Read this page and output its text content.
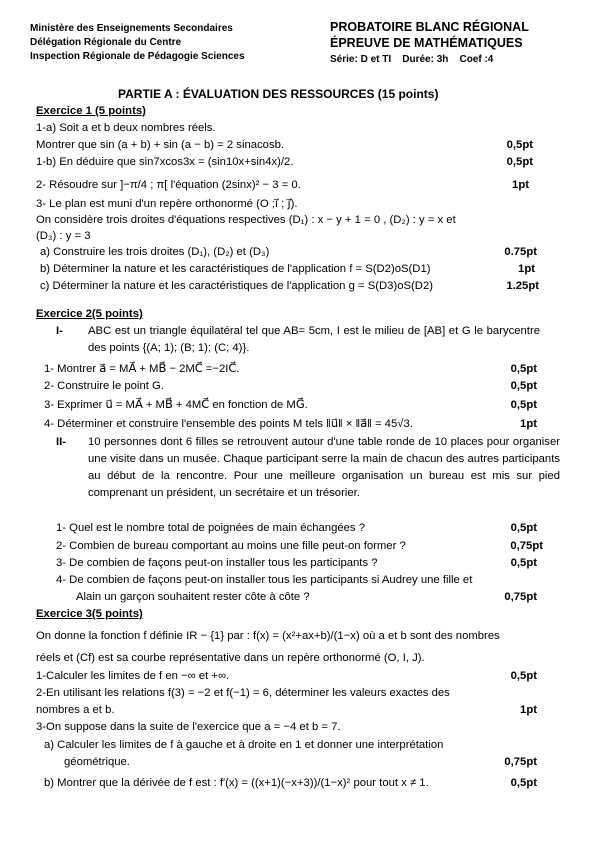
Ministère des Enseignements Secondaires
Délégation Régionale du Centre
Inspection Régionale de Pédagogie Sciences
PROBATOIRE BLANC RÉGIONAL
ÉPREUVE DE MATHÉMATIQUES
Série: D et TI    Durée: 3h    Coef :4
PARTIE A : ÉVALUATION DES RESSOURCES (15 points)
Exercice 1 (5 points)
1-a) Soit a et b deux nombres réels.
Montrer que sin (a + b) + sin (a − b) = 2 sinacosb.	0,5pt
1-b) En déduire que sin7xcos3x = (sin10x+sin4x)/2.	0,5pt
2- Résoudre sur ]−π/4 ; π[ l'équation (2sinx)² − 3 = 0.	1pt
3- Le plan est muni d'un repère orthonormé (O ;i⃗ ; j⃗).
On considère trois droites d'équations respectives (D₁) : x − y + 1 = 0 , (D₂) : y = x et
(D₃) : y = 3
a) Construire les trois droites (D₁), (D₂) et (D₃)	0.75pt
b) Déterminer la nature et les caractéristiques de l'application f = S(D2)oS(D1)	1pt
c) Déterminer la nature et les caractéristiques de l'application g = S(D3)oS(D2)	1.25pt
Exercice 2(5 points)
I- ABC est un triangle équilatéral tel que AB= 5cm, I est le milieu de [AB] et G le barycentre des points {(A; 1); (B; 1); (C; 4)}.
1- Montrer a⃗ = MA⃗ + MB⃗ − 2MC⃗ =−2IC⃗.	0,5pt
2- Construire le point G.	0,5pt
3- Exprimer u⃗ = MA⃗ + MB⃗ + 4MC⃗ en fonction de MG⃗.	0,5pt
4- Déterminer et construire l'ensemble des points M tels ‖u⃗‖ × ‖a⃗‖ = 45√3.	1pt
II- 10 personnes dont 6 filles se retrouvent autour d'une table ronde de 10 places pour organiser une visite dans un musée. Chaque participant serre la main de chacun des autres participants au début de la rencontre. Pour une meilleure organisation un bureau est mis sur pied comprenant un président, un secrétaire et un trésorier.
1- Quel est le nombre total de poignées de main échangées ?	0,5pt
2- Combien de bureau comportant au moins une fille peut-on former ?	0,75pt
3- De combien de façons peut-on installer tous les participants ?	0,5pt
4- De combien de façons peut-on installer tous les participants si Audrey une fille et
Alain un garçon souhaitent rester côte à côte ?	0,75pt
Exercice 3(5 points)
On donne la fonction f définie IR − {1} par : f(x) = (x²+ax+b)/(1−x) où a et b sont des nombres
réels et (Cf) est sa courbe représentative dans un repère orthonormé (O, I, J).
1-Calculer les limites de f en −∞ et +∞.	0,5pt
2-En utilisant les relations f(3) = −2 et f(−1) = 6, déterminer les valeurs exactes des
nombres a et b.	1pt
3-On suppose dans la suite de l'exercice que a = −4 et b = 7.
a) Calculer les limites de f à gauche et à droite en 1 et donner une interprétation
géométrique.	0,75pt
b) Montrer que la dérivée de f est : f′(x) = ((x+1)(−x+3))/(1−x)² pour tout x ≠ 1.	0,5pt
